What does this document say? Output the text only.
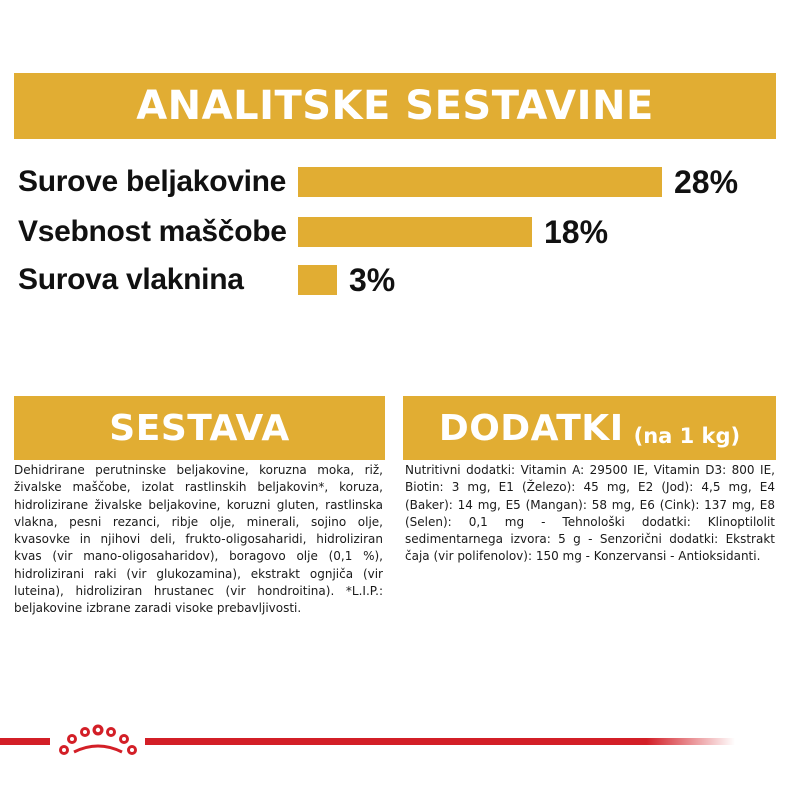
ANALITSKE SESTAVINE
Surove beljakovine	28%
Vsebnost maščobe	18%
Surova vlaknina	3%
SESTAVA	DODATKI (na 1 kg)
Dehidrirane perutninske beljakovine, koruzna moka, riž, živalske maščobe, izolat rastlinskih beljakovin*, koruza, hidrolizirane živalske beljakovine, koruzni gluten, rastlinska vlakna, pesni rezanci, ribje olje, minerali, sojino olje, kvasovke in njihovi deli, frukto-oligosaharidi, hidroliziran kvas (vir mano-oligosaharidov), boragovo olje (0,1 %), hidrolizirani raki (vir glukozamina), ekstrakt ognjiča (vir luteina), hidroliziran hrustanec (vir hondroitina). *L.I.P.: beljakovine izbrane zaradi visoke prebavljivosti.
Nutritivni dodatki: Vitamin A: 29500 IE, Vitamin D3: 800 IE, Biotin: 3 mg, E1 (Železo): 45 mg, E2 (Jod): 4,5 mg, E4 (Baker): 14 mg, E5 (Mangan): 58 mg, E6 (Cink): 137 mg, E8 (Selen): 0,1 mg - Tehnološki dodatki: Klinoptilolit sedimentarnega izvora: 5 g - Senzorični dodatki: Ekstrakt čaja (vir polifenolov): 150 mg - Konzervansi - Antioksidanti.
